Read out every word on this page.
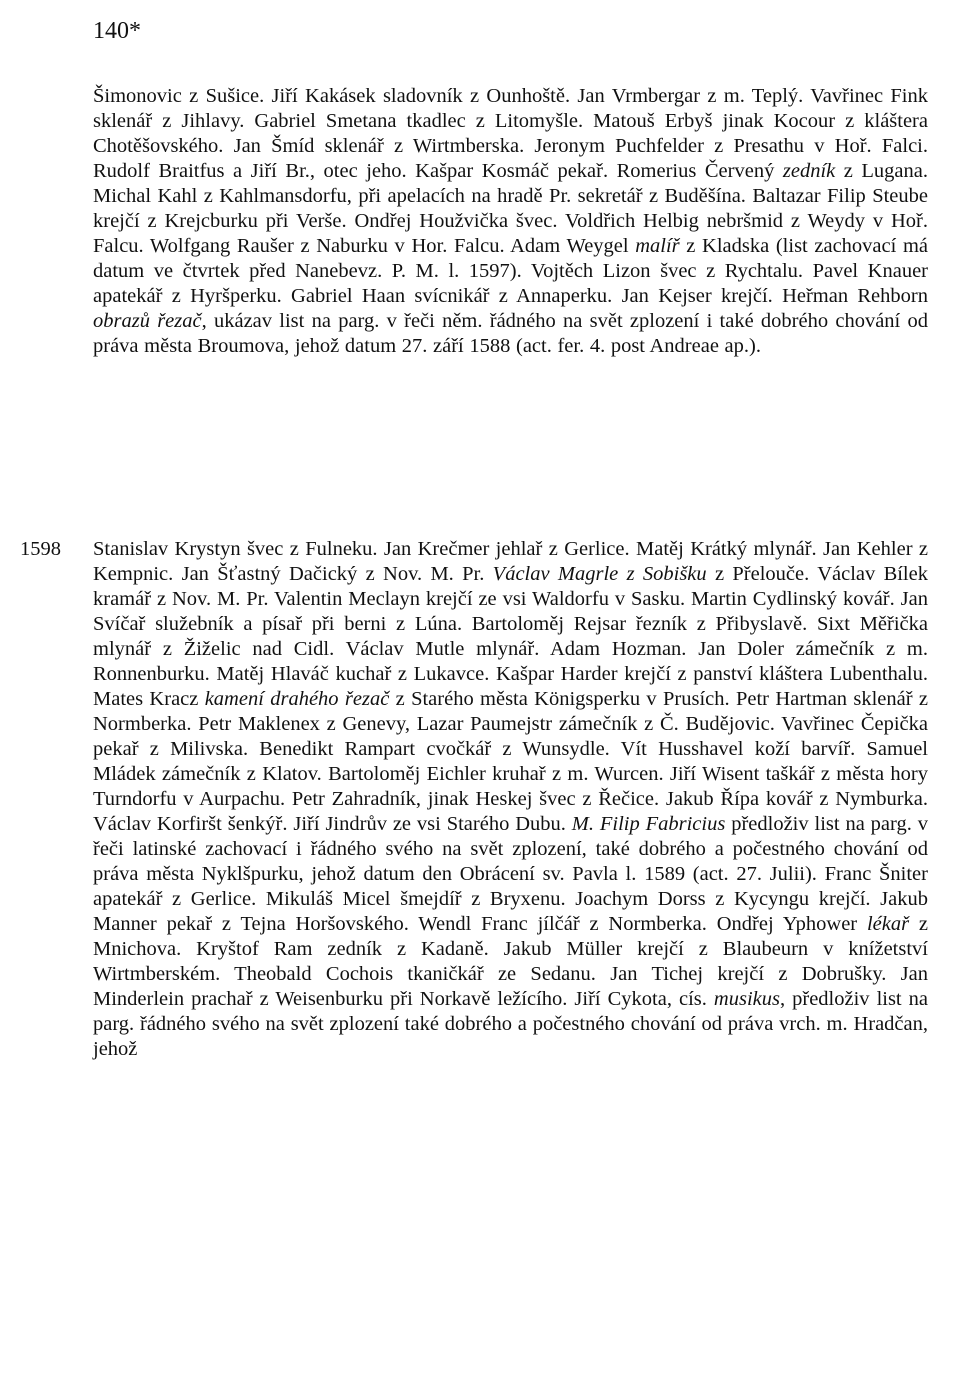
140*
Šimonovic z Sušice. Jiří Kakásek sladovník z Ounhoště. Jan Vrmbergar z m. Teplý. Vavřinec Fink sklenář z Jihlavy. Gabriel Smetana tkadlec z Litomyšle. Matouš Erbyš jinak Kocour z kláštera Chotěšovského. Jan Šmíd sklenář z Wirtmberska. Jeronym Puchfelder z Presathu v Hoř. Falci. Rudolf Braitfus a Jiří Br., otec jeho. Kašpar Kosmáč pekař. Romerius Červený zedník z Lugana. Michal Kahl z Kahlmansdorfu, při apelacích na hradě Pr. sekretář z Buděšína. Baltazar Filip Steube krejčí z Krejcburku při Verše. Ondřej Houžvička švec. Voldřich Helbig nebršmid z Weydy v Hoř. Falcu. Wolfgang Raušer z Naburku v Hor. Falcu. Adam Weygel malíř z Kladska (list zachovací má datum ve čtvrtek před Nanebevz. P. M. l. 1597). Vojtěch Lizon švec z Rychtalu. Pavel Knauer apatekář z Hyršperku. Gabriel Haan svícnikář z Annaperku. Jan Kejser krejčí. Heřman Rehborn obrazů řezač, ukázav list na parg. v řeči něm. řádného na svět zplození i také dobrého chování od práva města Broumova, jehož datum 27. září 1588 (act. fer. 4. post Andreae ap.).
1598 Stanislav Krystyn švec z Fulneku. Jan Krečmer jehlař z Gerlice. Matěj Krátký mlynář. Jan Kehler z Kempnic. Jan Šťastný Dačický z Nov. M. Pr. Václav Magrle z Sobišku z Přelouče. Václav Bílek kramář z Nov. M. Pr. Valentin Meclayn krejčí ze vsi Waldorfu v Sasku. Martin Cydlinský kovář. Jan Svíčař služebník a písař při berni z Lúna. Bartoloměj Rejsar řezník z Přibyslavě. Sixt Měřička mlynář z Žiželic nad Cidl. Václav Mutle mlynář. Adam Hozman. Jan Doler zámečník z m. Ronnenburku. Matěj Hlaváč kuchař z Lukavce. Kašpar Harder krejčí z panství kláštera Lubenthalu. Mates Kracz kamení drahého řezač z Starého města Königsperku v Prusích. Petr Hartman sklenář z Normberka. Petr Maklenex z Genevy, Lazar Paumejstr zámečník z Č. Budějovic. Vavřinec Čepička pekař z Milivska. Benedikt Rampart cvočkář z Wunsydle. Vít Husshavel koží barvíř. Samuel Mládek zámečník z Klatov. Bartoloměj Eichler kruhař z m. Wurcen. Jiří Wisent taškář z města hory Turndorfu v Aurpachu. Petr Zahradník, jinak Heskej švec z Řečice. Jakub Řípa kovář z Nymburka. Václav Korfiršt šenkýř. Jiří Jindrův ze vsi Starého Dubu. M. Filip Fabricius předloživ list na parg. v řeči latinské zachovací i řádného svého na svět zplození, také dobrého a počestného chování od práva města Nyklšpurku, jehož datum den Obrácení sv. Pavla l. 1589 (act. 27. Julii). Franc Šniter apatekář z Gerlice. Mikuláš Micel šmejdíř z Bryxenu. Joachym Dorss z Kycyngu krejčí. Jakub Manner pekař z Tejna Horšovského. Wendl Franc jílčář z Normberka. Ondřej Yphower lékař z Mnichova. Kryštof Ram zedník z Kadaně. Jakub Müller krejčí z Blaubeurn v knížetství Wirtmberském. Theobald Cochois tkaničkář ze Sedanu. Jan Tichej krejčí z Dobrušky. Jan Minderlein prachař z Weisenburku při Norkavě ležícího. Jiří Cykota, cís. musikus, předloživ list na parg. řádného svého na svět zplození také dobrého a počestného chování od práva vrch. m. Hradčan, jehož
